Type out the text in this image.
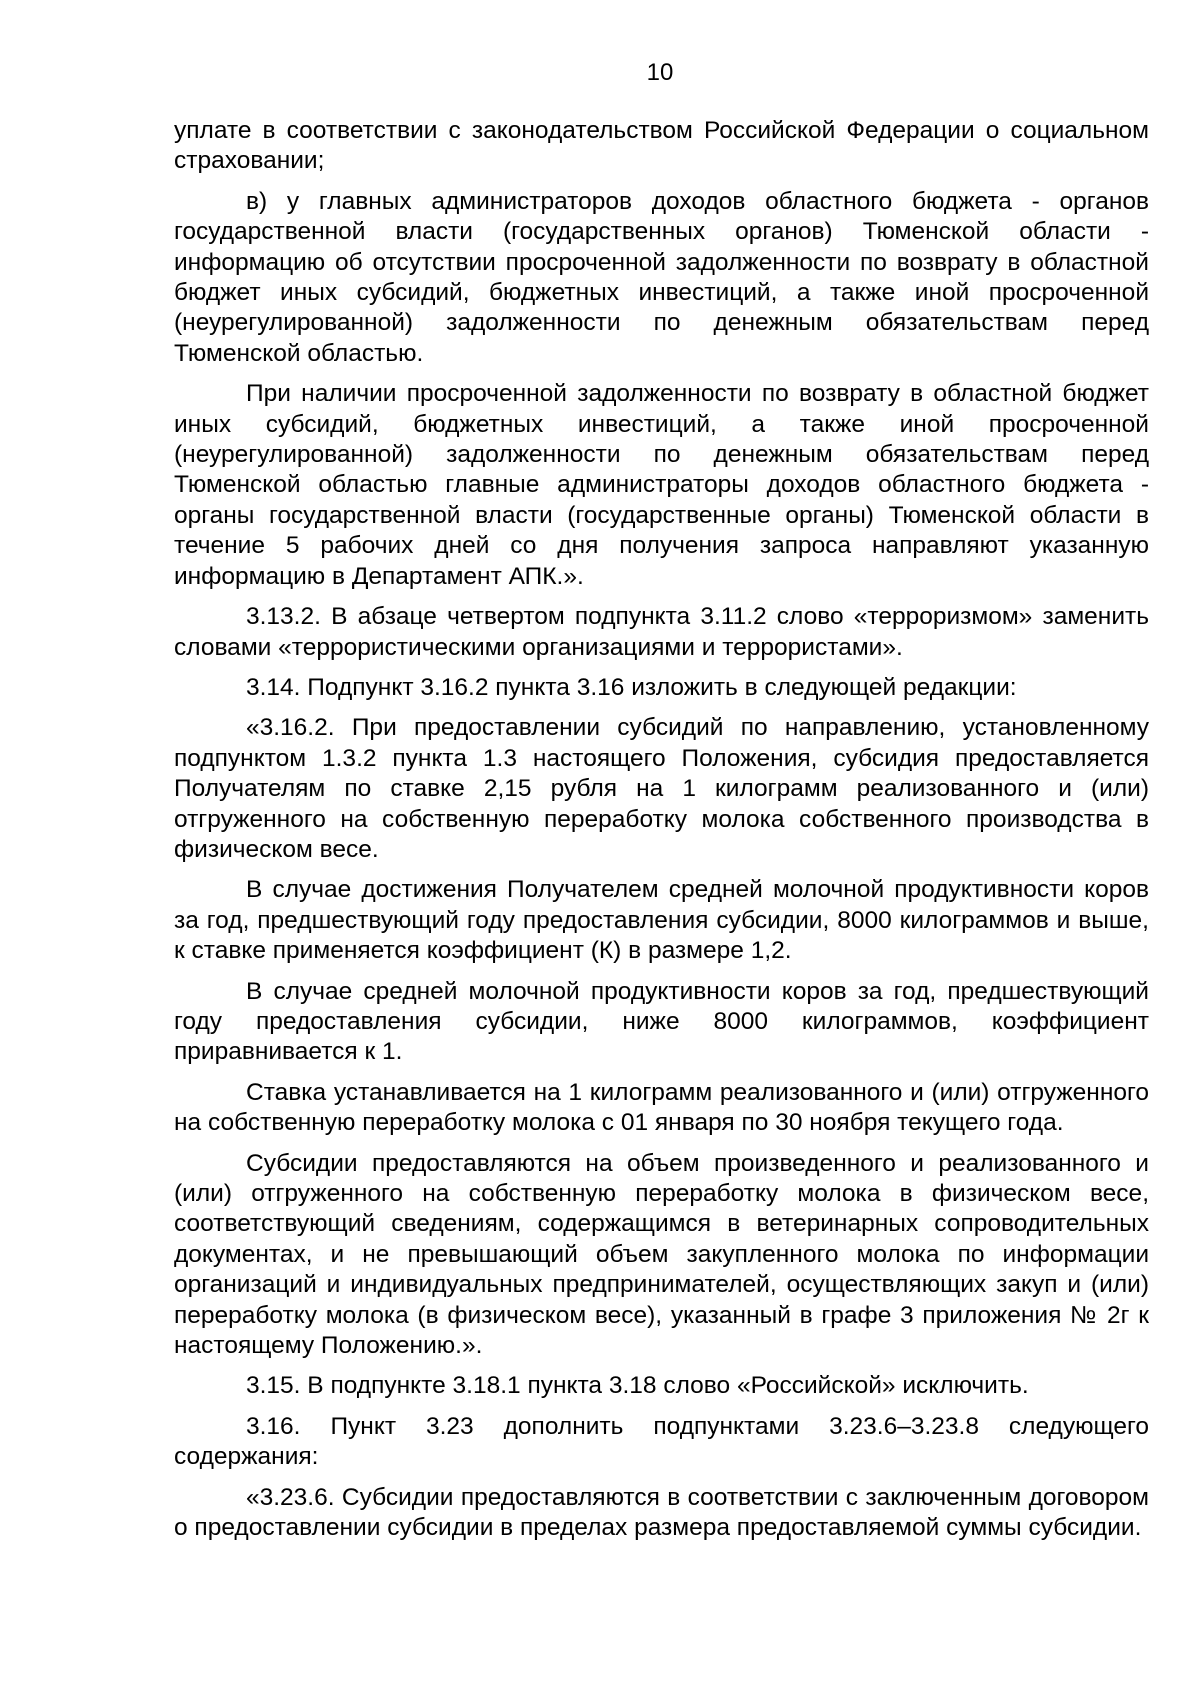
10

уплате в соответствии с законодательством Российской Федерации о социальном страховании;

в) у главных администраторов доходов областного бюджета - органов государственной власти (государственных органов) Тюменской области - информацию об отсутствии просроченной задолженности по возврату в областной бюджет иных субсидий, бюджетных инвестиций, а также иной просроченной (неурегулированной) задолженности по денежным обязательствам перед Тюменской областью.

При наличии просроченной задолженности по возврату в областной бюджет иных субсидий, бюджетных инвестиций, а также иной просроченной (неурегулированной) задолженности по денежным обязательствам перед Тюменской областью главные администраторы доходов областного бюджета - органы государственной власти (государственные органы) Тюменской области в течение 5 рабочих дней со дня получения запроса направляют указанную информацию в Департамент АПК.».

3.13.2. В абзаце четвертом подпункта 3.11.2 слово «терроризмом» заменить словами «террористическими организациями и террористами».

3.14. Подпункт 3.16.2 пункта 3.16 изложить в следующей редакции:

«3.16.2. При предоставлении субсидий по направлению, установленному подпунктом 1.3.2 пункта 1.3 настоящего Положения, субсидия предоставляется Получателям по ставке 2,15 рубля на 1 килограмм реализованного и (или) отгруженного на собственную переработку молока собственного производства в физическом весе.

В случае достижения Получателем средней молочной продуктивности коров за год, предшествующий году предоставления субсидии, 8000 килограммов и выше, к ставке применяется коэффициент (К) в размере 1,2.

В случае средней молочной продуктивности коров за год, предшествующий году предоставления субсидии, ниже 8000 килограммов, коэффициент приравнивается к 1.

Ставка устанавливается на 1 килограмм реализованного и (или) отгруженного на собственную переработку молока с 01 января по 30 ноября текущего года.

Субсидии предоставляются на объем произведенного и реализованного и (или) отгруженного на собственную переработку молока в физическом весе, соответствующий сведениям, содержащимся в ветеринарных сопроводительных документах, и не превышающий объем закупленного молока по информации организаций и индивидуальных предпринимателей, осуществляющих закуп и (или) переработку молока (в физическом весе), указанный в графе 3 приложения № 2г к настоящему Положению.».

3.15. В подпункте 3.18.1 пункта 3.18 слово «Российской» исключить.

3.16. Пункт 3.23 дополнить подпунктами 3.23.6–3.23.8 следующего содержания:

«3.23.6. Субсидии предоставляются в соответствии с заключенным договором о предоставлении субсидии в пределах размера предоставляемой суммы субсидии.
